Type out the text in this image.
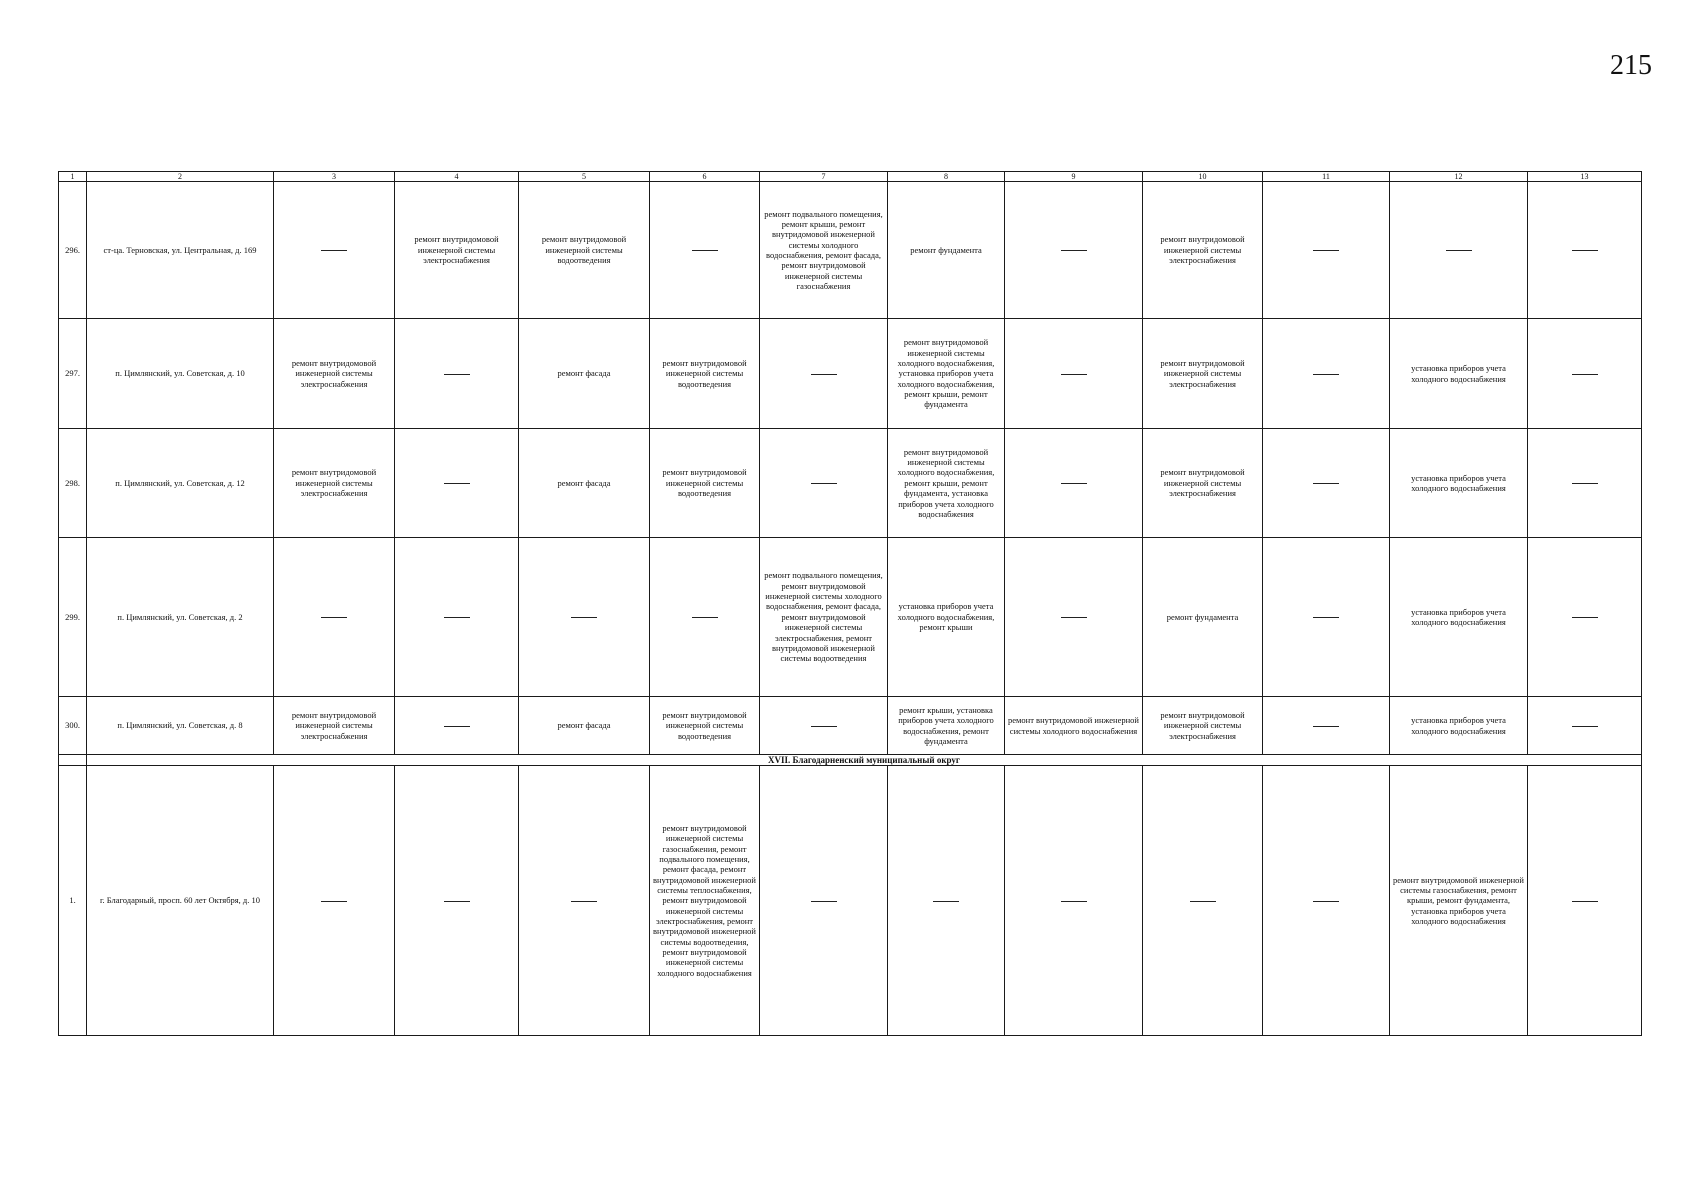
215
1	2	3	4	5	6	7	8	9	10	11	12	13
296.	ст-ца. Терновская, ул. Центральная, д. 169		ремонт внутридомовой инженерной системы электроснабжения	ремонт внутридомовой инженерной системы водоотведения		ремонт подвального помещения, ремонт крыши, ремонт внутридомовой инженерной системы холодного водоснабжения, ремонт фасада, ремонт внутридомовой инженерной системы газоснабжения	ремонт фундамента		ремонт внутридомовой инженерной системы электроснабжения			
297.	п. Цимлянский, ул. Советская, д. 10	ремонт внутридомовой инженерной системы электроснабжения		ремонт фасада	ремонт внутридомовой инженерной системы водоотведения		ремонт внутридомовой инженерной системы холодного водоснабжения, установка приборов учета холодного водоснабжения, ремонт крыши, ремонт фундамента		ремонт внутридомовой инженерной системы электроснабжения		установка приборов учета холодного водоснабжения	
298.	п. Цимлянский, ул. Советская, д. 12	ремонт внутридомовой инженерной системы электроснабжения		ремонт фасада	ремонт внутридомовой инженерной системы водоотведения		ремонт внутридомовой инженерной системы холодного водоснабжения, ремонт крыши, ремонт фундамента, установка приборов учета холодного водоснабжения		ремонт внутридомовой инженерной системы электроснабжения		установка приборов учета холодного водоснабжения	
299.	п. Цимлянский, ул. Советская, д. 2					ремонт подвального помещения, ремонт внутридомовой инженерной системы холодного водоснабжения, ремонт фасада, ремонт внутридомовой инженерной системы электроснабжения, ремонт внутридомовой инженерной системы водоотведения	установка приборов учета холодного водоснабжения, ремонт крыши		ремонт фундамента		установка приборов учета холодного водоснабжения	
300.	п. Цимлянский, ул. Советская, д. 8	ремонт внутридомовой инженерной системы электроснабжения		ремонт фасада	ремонт внутридомовой инженерной системы водоотведения		ремонт крыши, установка приборов учета холодного водоснабжения, ремонт фундамента	ремонт внутридомовой инженерной системы холодного водоснабжения	ремонт внутридомовой инженерной системы электроснабжения		установка приборов учета холодного водоснабжения	
	XVII. Благодарненский муниципальный округ											
1.	г. Благодарный, просп. 60 лет Октября, д. 10				ремонт внутридомовой инженерной системы газоснабжения, ремонт подвального помещения, ремонт фасада, ремонт внутридомовой инженерной системы теплоснабжения, ремонт внутридомовой инженерной системы электроснабжения, ремонт внутридомовой инженерной системы водоотведения, ремонт внутридомовой инженерной системы холодного водоснабжения						ремонт внутридомовой инженерной системы газоснабжения, ремонт крыши, ремонт фундамента, установка приборов учета холодного водоснабжения	
